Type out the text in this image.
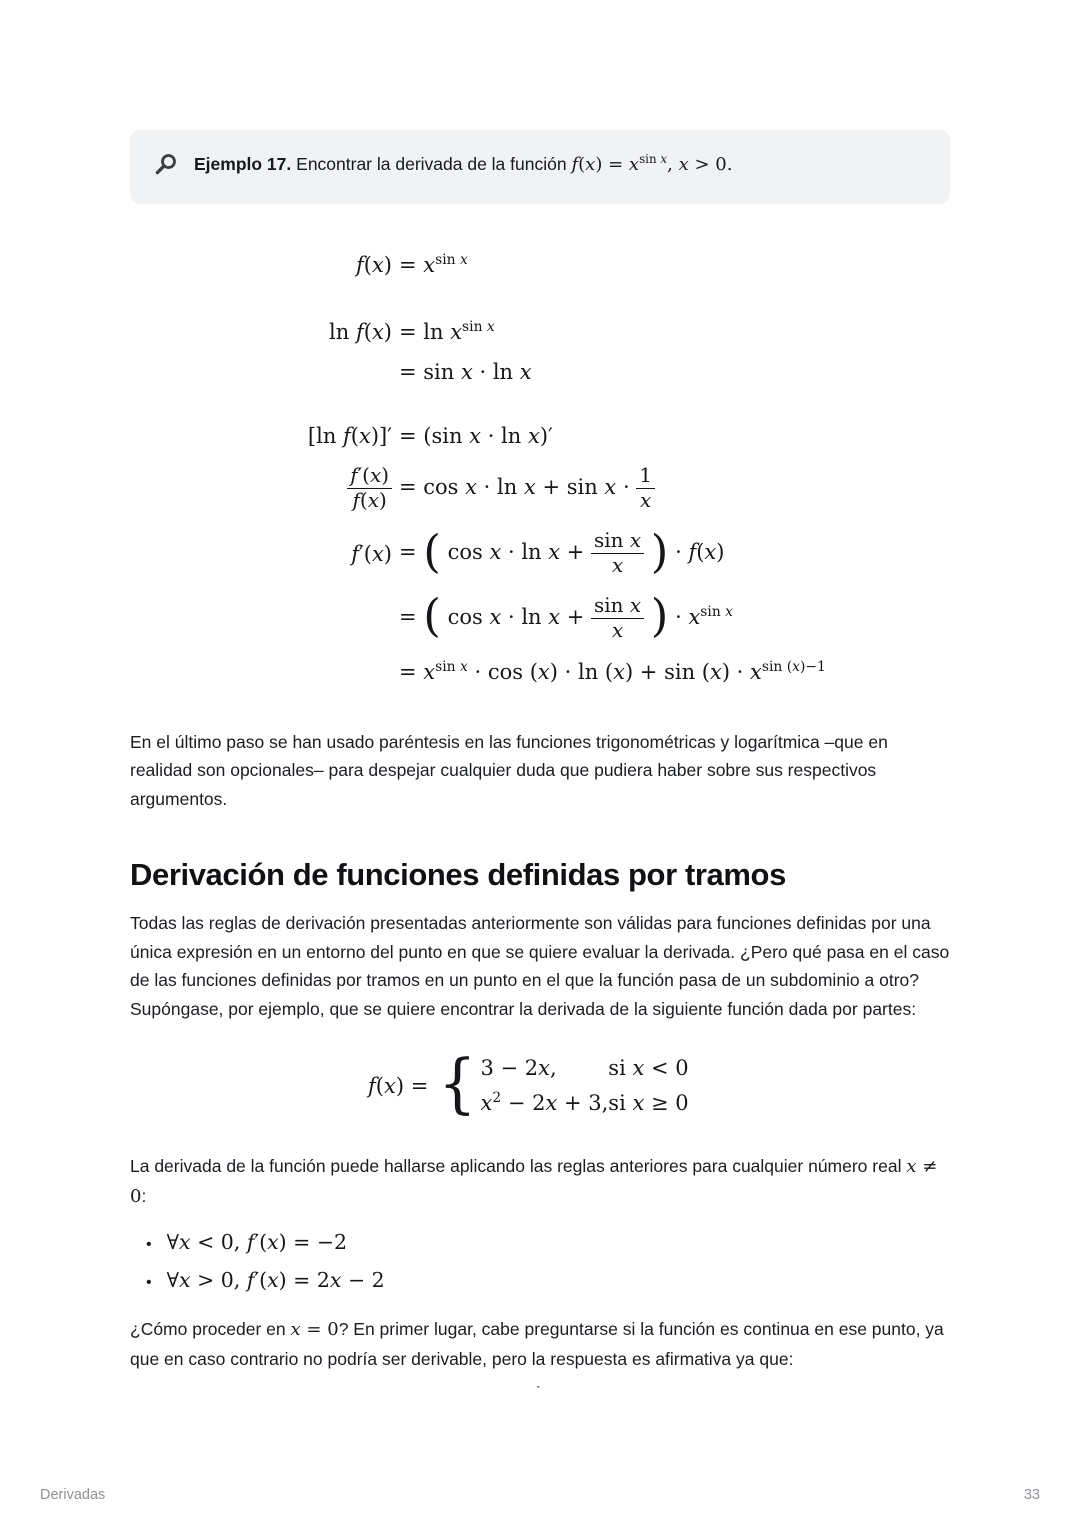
Ejemplo 17. Encontrar la derivada de la función $f(x) = x^{sin x}$, x > 0.
f(x)	= $x^{sin x}$
ln f(x)	= $\ln x^{sin x}$
	= sin x · ln x
[ln f(x)]′	= (sin x · ln x)′

$\frac{f'(x)}{f(x)}$	= $\cos x \cdot \ln x + \sin x \cdot \frac{1}{x}$

f′(x)	= ( $\cos x \cdot \ln x + \frac{\text{sin x}}{x}$ ) · f(x)
	= ( $\cos x \cdot \ln x + \frac{\text{sin x}}{x}$ ) · $x^{sin x}$
	= $x^{sin x} \cdot \cos (x) \cdot \ln (x) + \sin (x) \cdot x^{sin (x)-1}$

En el último paso se han usado paréntesis en las funciones trigonométricas y logarítmica –que en realidad son opcionales– para despejar cualquier duda que pudiera haber sobre sus respectivos argumentos.

Derivación de funciones definidas por tramos

Todas las reglas de derivación presentadas anteriormente son válidas para funciones definidas por una única expresión en un entorno del punto en que se quiere evaluar la derivada. ¿Pero qué pasa en el caso de las funciones definidas por tramos en un punto en el que la función pasa de un subdominio a otro? Supóngase, por ejemplo, que se quiere encontrar la derivada de la siguiente función dada por partes:

f(x) = { 3 − 2x,	si x < 0
$x^2 - 2x + 3$,	si x ≥ 0

La derivada de la función puede hallarse aplicando las reglas anteriores para cualquier número real x ≠ 0:

• ∀x < 0, f′(x) = −2
• ∀x > 0, f′(x) = 2x − 2

¿Cómo proceder en x = 0? En primer lugar, cabe preguntarse si la función es continua en ese punto, ya que en caso contrario no podría ser derivable, pero la respuesta es afirmativa ya que:

ˋ
Derivadas	33
